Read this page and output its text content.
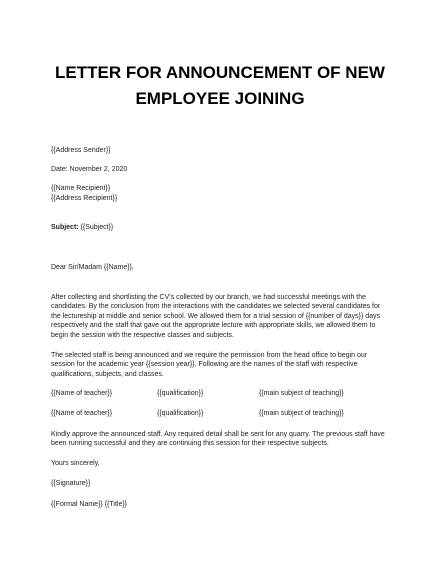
LETTER FOR ANNOUNCEMENT OF NEW
EMPLOYEE JOINING
{{Address Sender}}
Date: November 2, 2020
{{Name Recipient}}
{{Address Recipient}}
Subject: {{Subject}}
Dear Sir/Madam {{Name}},
After collecting and shortlisting the CV’s collected by our branch, we had successful meetings with the candidates. By the conclusion from the interactions with the candidates we selected several candidates for the lectureship at middle and senior school. We allowed them for a trial session of {{number of days}} days respectively and the staff that gave out the appropriate lecture with appropriate skills, we allowed them to begin the session with the respective classes and subjects.
The selected staff is being announced and we require the permission from the head office to begin our session for the academic year {{session year}}. Following are the names of the staff with respective qualifications, subjects, and classes.
{{Name of teacher}}	{{qualification}}	{{main subject of teaching}}
{{Name of teacher}}	{{qualification}}	{{main subject of teaching}}
Kindly approve the announced staff. Any required detail shall be sent for any quarry. The previous staff have been running successful and they are continuing this session for their respective subjects.
Yours sincerely,
{{Signature}}
{{Formal Name}} {{Title}}
